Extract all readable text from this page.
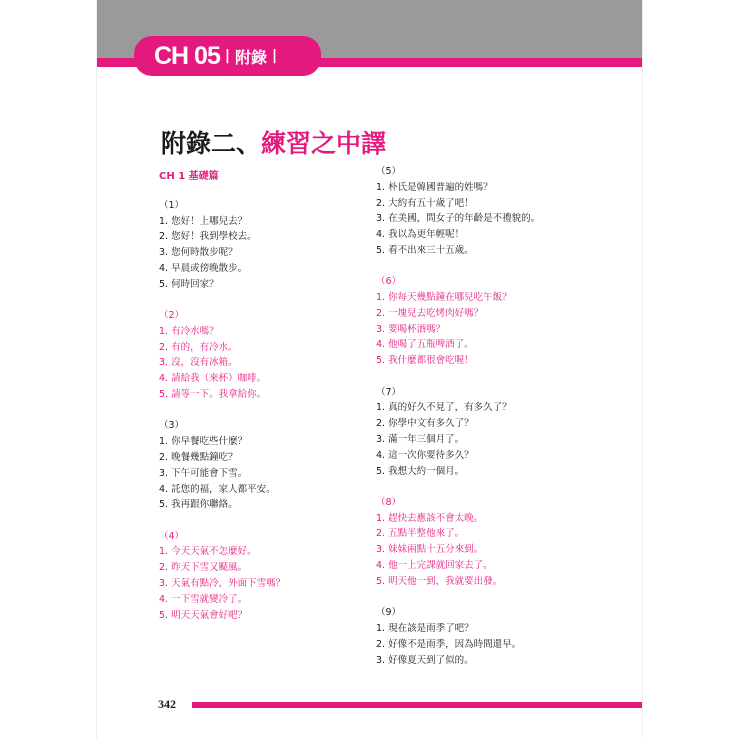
CH 05 | 附錄 |
附錄二、練習之中譯
CH 1 基礎篇
（1）
1. 您好！上哪兒去？
2. 您好！我到學校去。
3. 您何時散步呢？
4. 早晨或傍晚散步。
5. 何時回家？
（2）
1. 有冷水嗎？
2. 有的，有冷水。
3. 沒，沒有冰箱。
4. 請給我（來杯）咖啡。
5. 請等一下。我拿給你。
（3）
1. 你早餐吃些什麼？
2. 晚餐幾點鐘吃？
3. 下午可能會下雪。
4. 託您的福，家人都平安。
5. 我再跟你聯絡。
（4）
1. 今天天氣不怎麼好。
2. 昨天下雪又颳風。
3. 天氣有點冷，外面下雪嗎？
4. 一下雪就變冷了。
5. 明天天氣會好吧？
（5）
1. 朴氏是韓國普遍的姓嗎？
2. 大約有五十歲了吧！
3. 在美國，問女子的年齡是不禮貌的。
4. 我以為更年輕呢！
5. 看不出來三十五歲。
（6）
1. 你每天幾點鐘在哪兒吃午飯？
2. 一塊兒去吃烤肉好嗎？
3. 要喝杯酒嗎？
4. 他喝了五瓶啤酒了。
5. 我什麼都很會吃喔！
（7）
1. 真的好久不見了，有多久了？
2. 你學中文有多久了？
3. 滿一年三個月了。
4. 這一次你要待多久？
5. 我想大約一個月。
（8）
1. 趕快去應該不會太晚。
2. 五點半整他來了。
3. 妹妹兩點十五分來到。
4. 他一上完課就回家去了。
5. 明天他一到，我就要出發。
（9）
1. 現在該是雨季了吧？
2. 好像不是雨季，因為時間還早。
3. 好像夏天到了似的。
342
